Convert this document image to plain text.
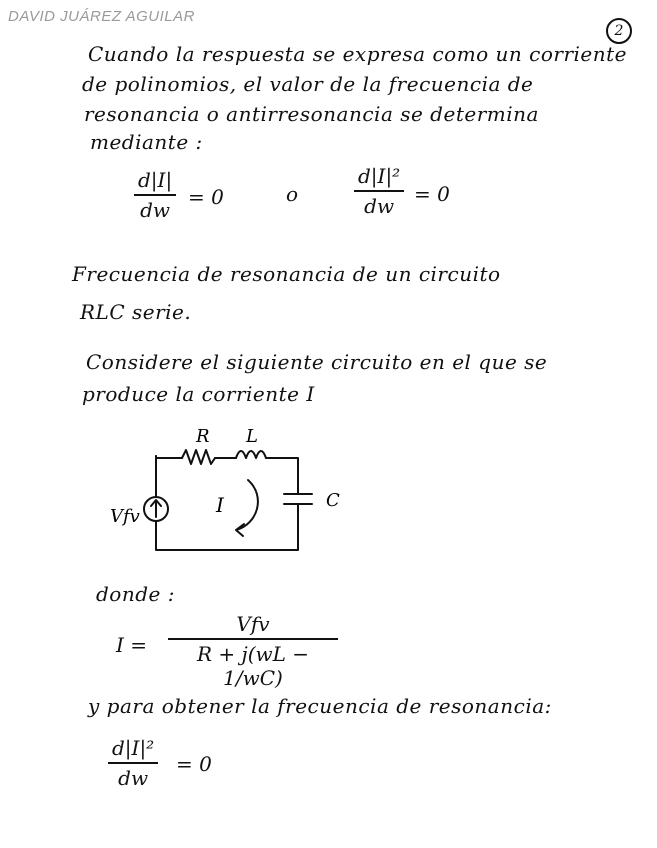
DAVID JUÁREZ AGUILAR
2
Cuando la respuesta se expresa como un corriente
de polinomios, el valor de la frecuencia de
resonancia o antirresonancia se determina
mediante :
d|I|
dw
= 0	o
d|I|²
dw = 0
Frecuencia de resonancia de un circuito
RLC serie.
Considere el siguiente circuito en el que se
produce la corriente I
R L
C
Vfv	I
donde :
I =
Vfv
R + j(wL − 1/wC)
y para obtener la frecuencia de resonancia:
d|I|²
dw
= 0
